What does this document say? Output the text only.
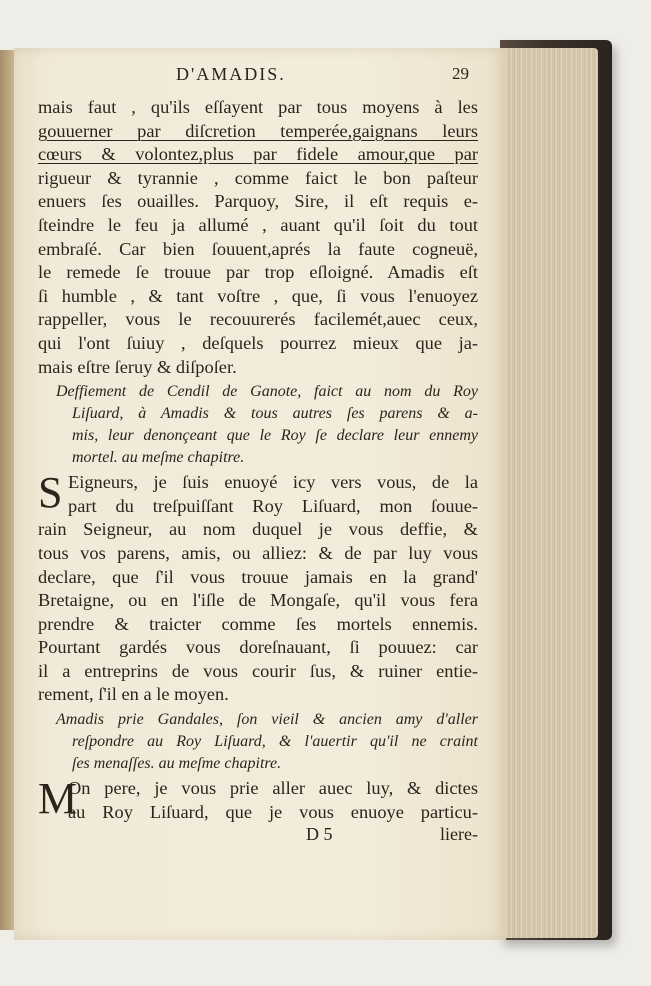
D'AMADIS.	29
mais faut , qu'ils eſſayent par tous moyens à les
gouuerner par diſcretion temperée,gaignans leurs
cœurs & volontez,plus par fidele amour,que par
rigueur & tyrannie , comme faict le bon paſteur
enuers ſes ouailles. Parquoy, Sire, il eſt requis e-
ſteindre le feu ja allumé , auant qu'il ſoit du tout
embraſé. Car bien ſouuent,aprés la faute cogneuë,
le remede ſe trouue par trop eſloigné. Amadis eſt
ſi humble , & tant voſtre , que, ſi vous l'enuoyez
rappeller, vous le recouurerés facilemét,auec ceux,
qui l'ont ſuiuy , deſquels pourrez mieux que ja-
mais eſtre ſeruy & diſpoſer.
Deffiement de Cendil de Ganote, faict au nom du Roy
Liſuard, à Amadis & tous autres ſes parens & a-
mis, leur denonçeant que le Roy ſe declare leur ennemy
mortel. au meſme chapitre.
S Eigneurs, je ſuis enuoyé icy vers vous, de la
part du treſpuiſſant Roy Liſuard, mon ſouue-
rain Seigneur, au nom duquel je vous deffie, &
tous vos parens, amis, ou alliez: & de par luy vous
declare, que ſ'il vous trouue jamais en la grand'
Bretaigne, ou en l'iſle de Mongaſe, qu'il vous fera
prendre & traicter comme ſes mortels ennemis.
Pourtant gardés vous doreſnauant, ſi pouuez: car
il a entreprins de vous courir ſus, & ruiner entie-
rement, ſ'il en a le moyen.
Amadis prie Gandales, ſon vieil & ancien amy d'aller
reſpondre au Roy Liſuard, & l'auertir qu'il ne craint
ſes menaſſes. au meſme chapitre.
M
On pere, je vous prie aller auec luy, & dictes
au Roy Liſuard, que je vous enuoye particu-
D 5	liere-
